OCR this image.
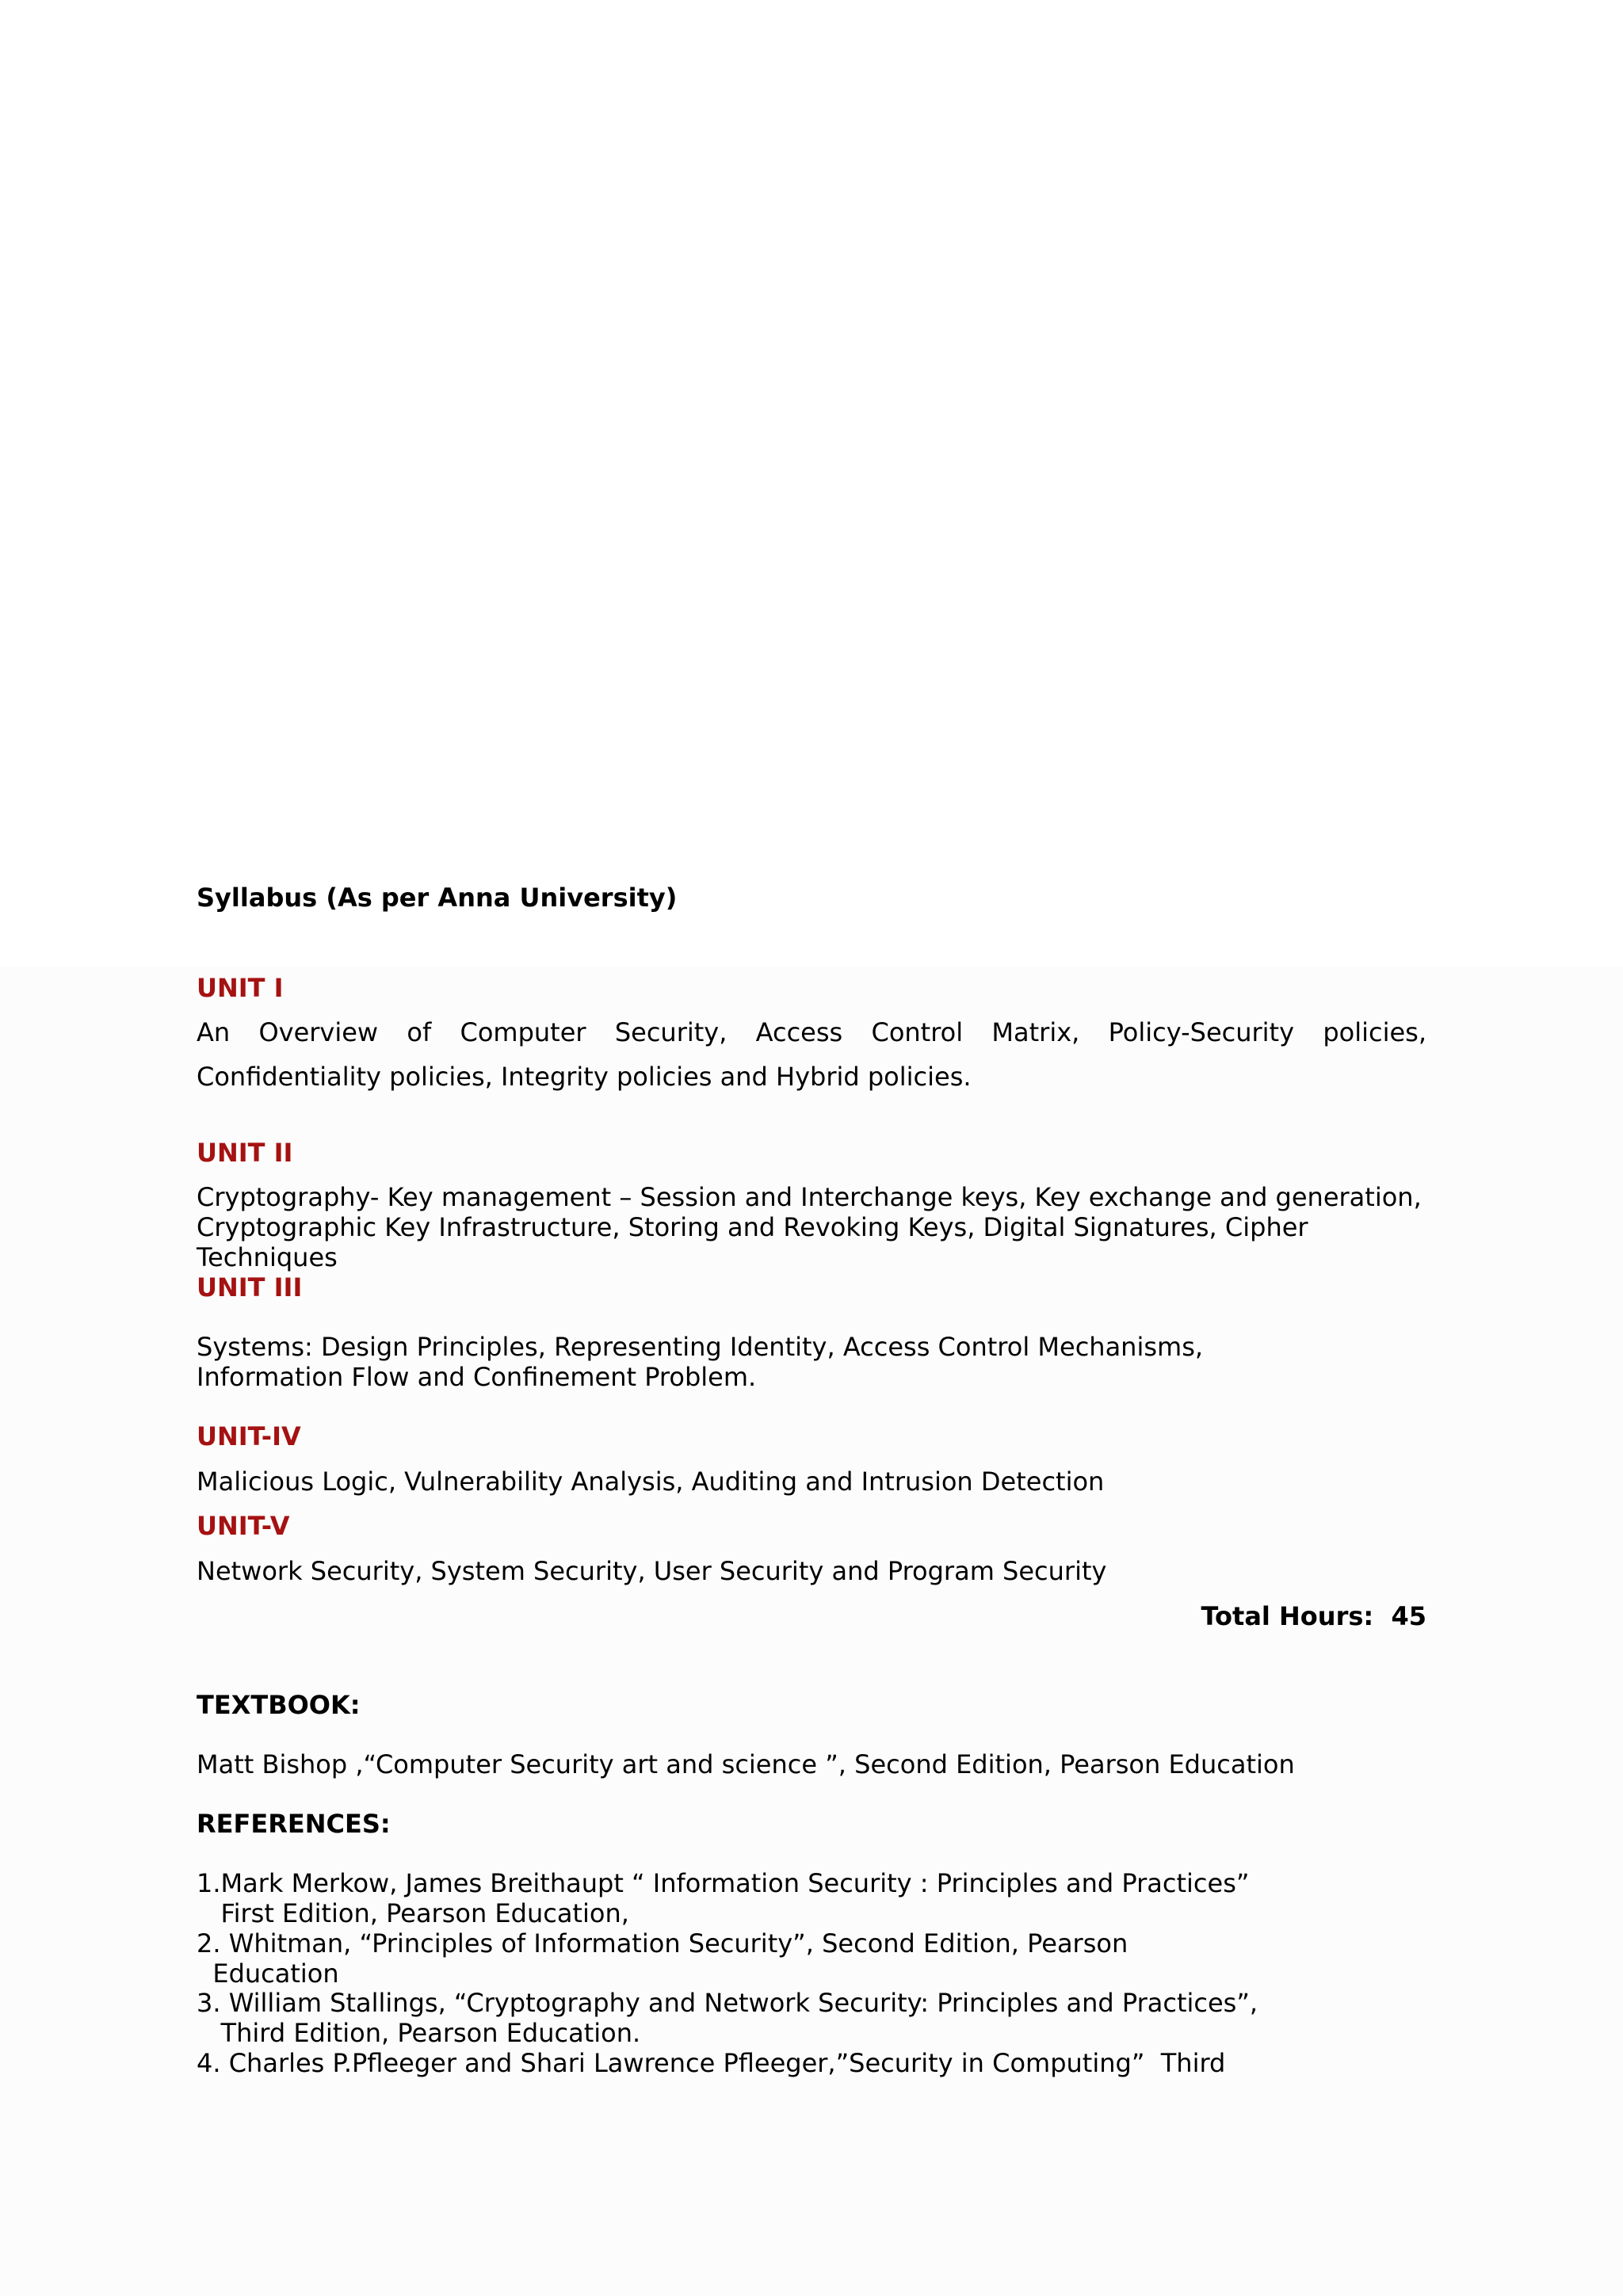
Syllabus (As per Anna University)
UNIT I
An Overview of Computer Security, Access Control Matrix, Policy-Security policies, Confidentiality policies, Integrity policies and Hybrid policies.
UNIT II
Cryptography- Key management – Session and Interchange keys, Key exchange and generation,
Cryptographic Key Infrastructure, Storing and Revoking Keys, Digital Signatures, Cipher
Techniques
UNIT III
Systems: Design Principles, Representing Identity, Access Control Mechanisms,
Information Flow and Confinement Problem.
UNIT-IV
Malicious Logic, Vulnerability Analysis, Auditing and Intrusion Detection
UNIT-V
Network Security, System Security, User Security and Program Security
Total Hours:  45
TEXTBOOK:
Matt Bishop ,“Computer Security art and science ”, Second Edition, Pearson Education
REFERENCES:
1.Mark Merkow, James Breithaupt “ Information Security : Principles and Practices”
First Edition, Pearson Education,
2. Whitman, “Principles of Information Security”, Second Edition, Pearson
Education
3. William Stallings, “Cryptography and Network Security: Principles and Practices”,
Third Edition, Pearson Education.
4. Charles P.Pfleeger and Shari Lawrence Pfleeger,”Security in Computing”  Third
